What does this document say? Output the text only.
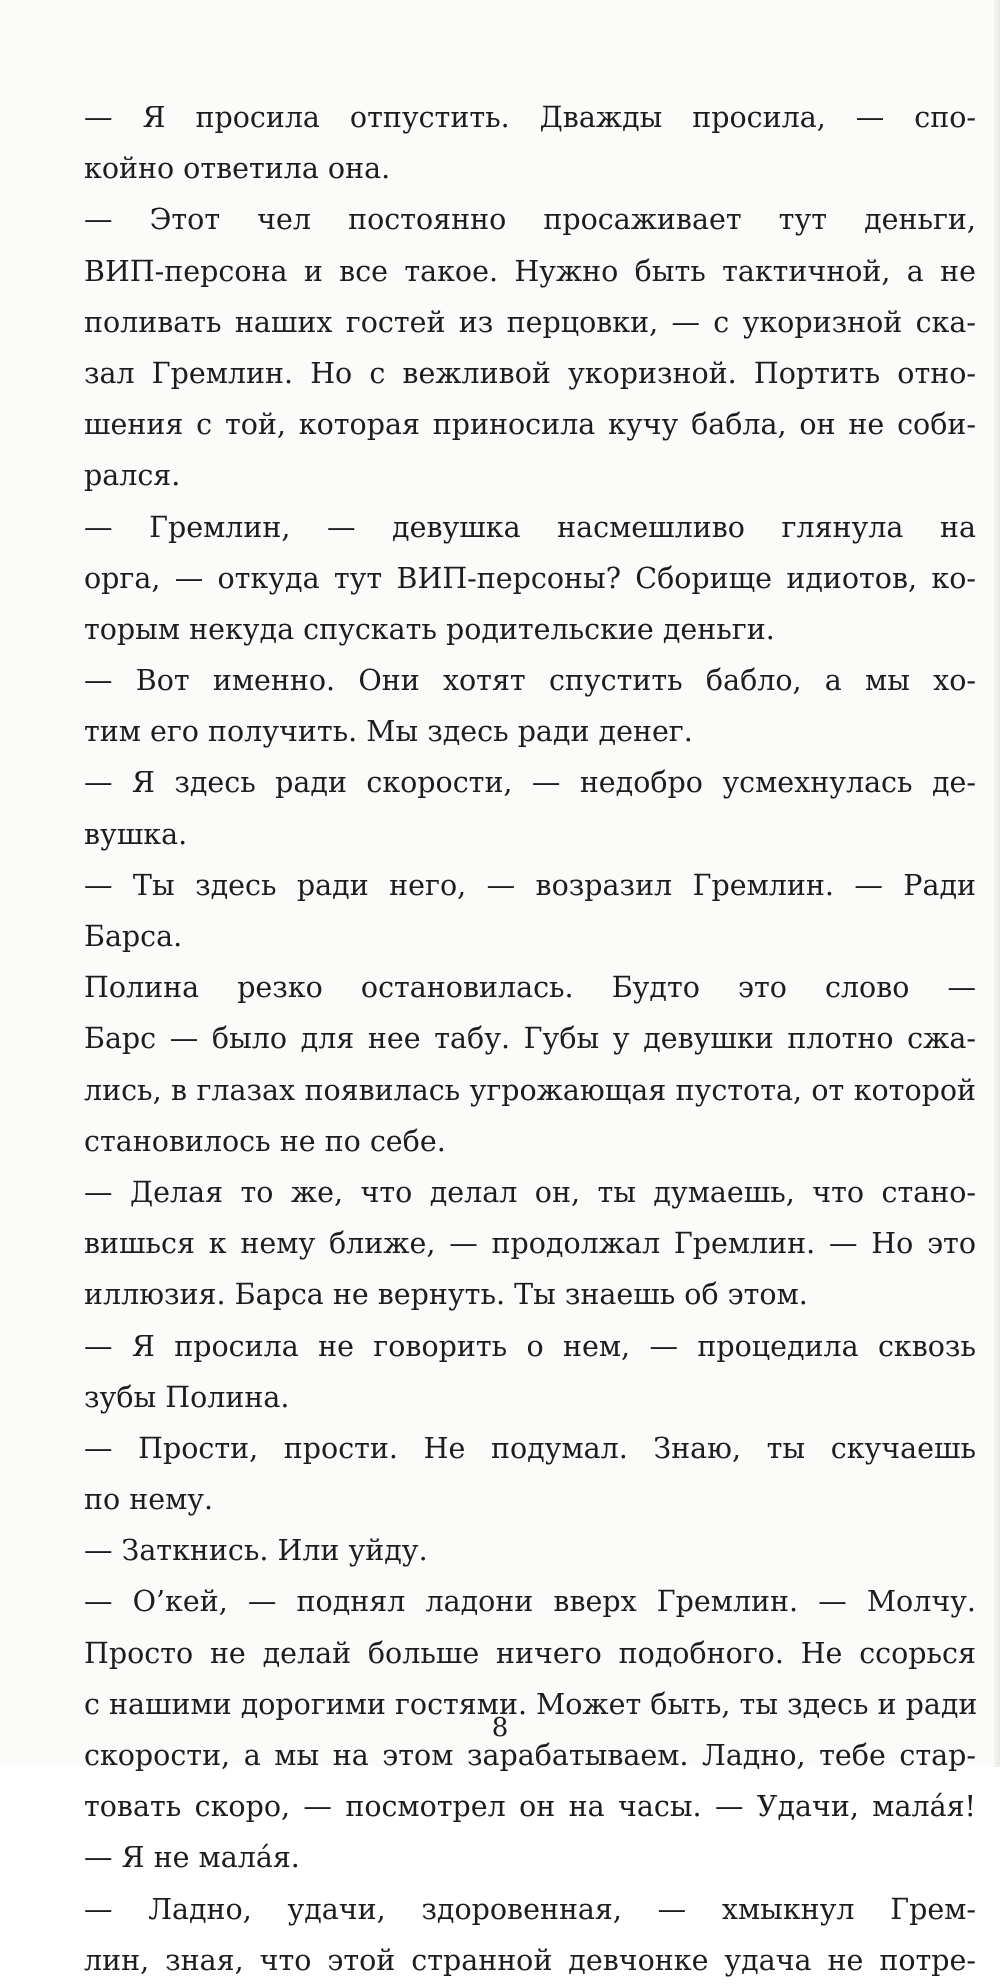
— Я просила отпустить. Дважды просила, — спо-
койно ответила она.
— Этот чел постоянно просаживает тут деньги,
ВИП-персона и все такое. Нужно быть тактичной, а не
поливать наших гостей из перцовки, — с укоризной ска-
зал Гремлин. Но с вежливой укоризной. Портить отно-
шения с той, которая приносила кучу бабла, он не соби-
рался.
— Гремлин, — девушка насмешливо глянула на
орга, — откуда тут ВИП-персоны? Сборище идиотов, ко-
торым некуда спускать родительские деньги.
— Вот именно. Они хотят спустить бабло, а мы хо-
тим его получить. Мы здесь ради денег.
— Я здесь ради скорости, — недобро усмехнулась де-
вушка.
— Ты здесь ради него, — возразил Гремлин. — Ради
Барса.
Полина резко остановилась. Будто это слово —
Барс — было для нее табу. Губы у девушки плотно сжа-
лись, в глазах появилась угрожающая пустота, от которой
становилось не по себе.
— Делая то же, что делал он, ты думаешь, что стано-
вишься к нему ближе, — продолжал Гремлин. — Но это
иллюзия. Барса не вернуть. Ты знаешь об этом.
— Я просила не говорить о нем, — процедила сквозь
зубы Полина.
— Прости, прости. Не подумал. Знаю, ты скучаешь
по нему.
— Заткнись. Или уйду.
— О’кей, — поднял ладони вверх Гремлин. — Молчу.
Просто не делай больше ничего подобного. Не ссорься
с нашими дорогими гостями. Может быть, ты здесь и ради
скорости, а мы на этом зарабатываем. Ладно, тебе стар-
товать скоро, — посмотрел он на часы. — Удачи, мала́я!
— Я не мала́я.
— Ладно, удачи, здоровенная, — хмыкнул Грем-
лин, зная, что этой странной девчонке удача не потре-
8
